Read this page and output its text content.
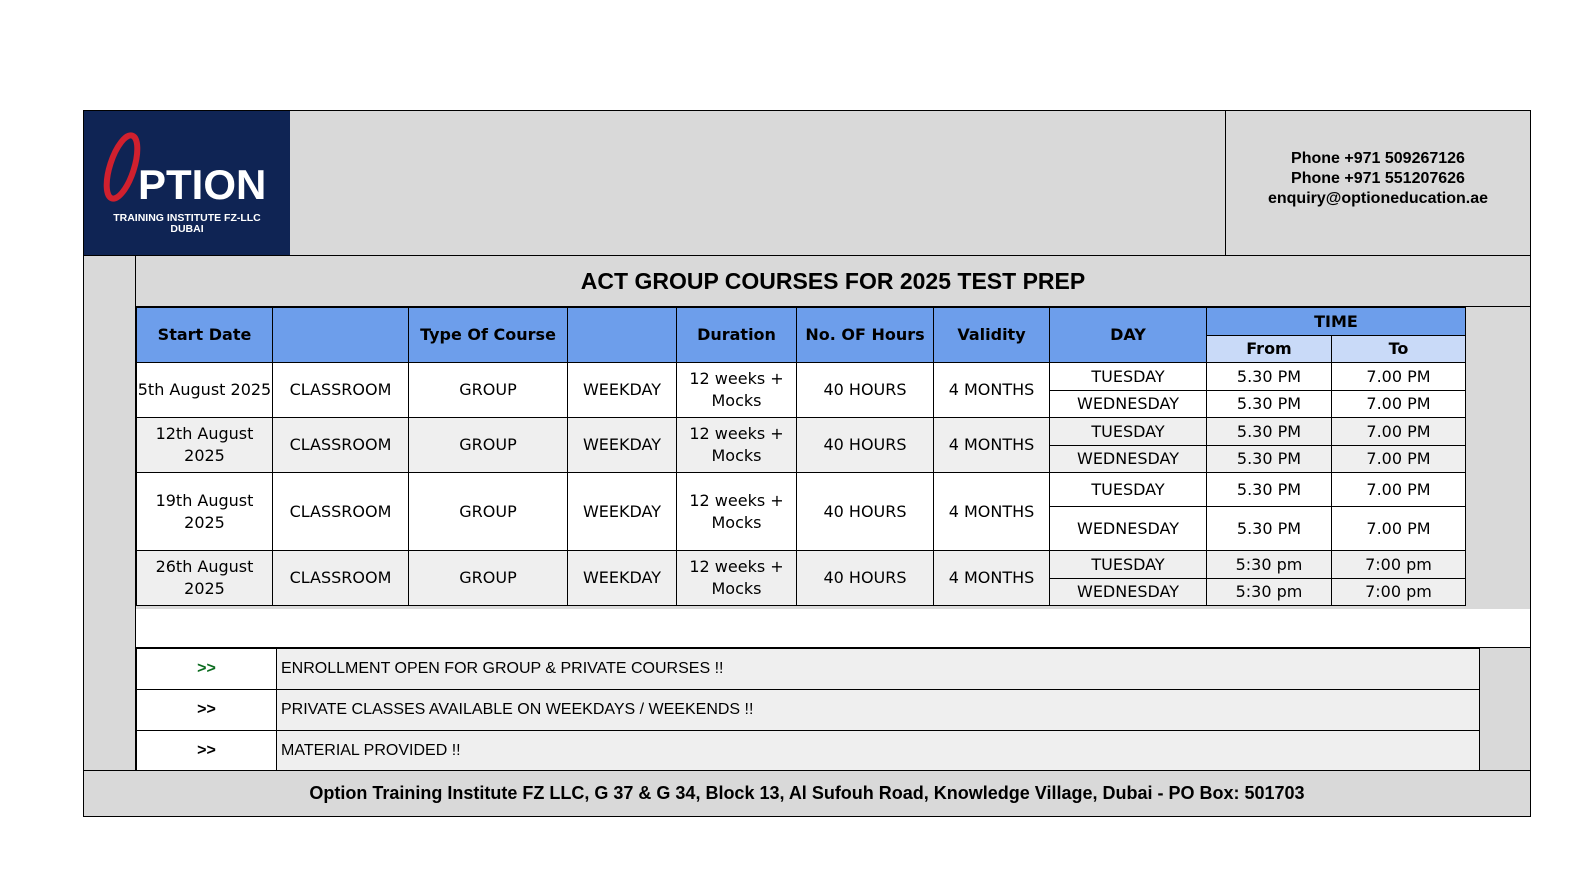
O PTION
TRAINING INSTITUTE FZ-LLC
DUBAI
Phone +971 509267126
Phone +971 551207626
enquiry@optioneducation.ae
ACT GROUP COURSES FOR 2025 TEST PREP
Start Date		Type Of Course		Duration	No. OF Hours	Validity	DAY	TIME	
								From	To
5th August 2025	CLASSROOM	GROUP	WEEKDAY	12 weeks + Mocks	40 HOURS	4 MONTHS	TUESDAY	5.30 PM	7.00 PM
							WEDNESDAY	5.30 PM	7.00 PM
12th August 2025	CLASSROOM	GROUP	WEEKDAY	12 weeks + Mocks	40 HOURS	4 MONTHS	TUESDAY	5.30 PM	7.00 PM
							WEDNESDAY	5.30 PM	7.00 PM
19th August 2025	CLASSROOM	GROUP	WEEKDAY	12 weeks + Mocks	40 HOURS	4 MONTHS	TUESDAY	5.30 PM	7.00 PM
							WEDNESDAY	5.30 PM	7.00 PM
26th August 2025	CLASSROOM	GROUP	WEEKDAY	12 weeks + Mocks	40 HOURS	4 MONTHS	TUESDAY	5:30 pm	7:00 pm
							WEDNESDAY	5:30 pm	7:00 pm
>>	ENROLLMENT OPEN FOR GROUP & PRIVATE COURSES !!
>>	PRIVATE CLASSES AVAILABLE ON WEEKDAYS / WEEKENDS !!
>>	MATERIAL PROVIDED !!
Option Training Institute FZ LLC, G 37 & G 34, Block 13, Al Sufouh Road, Knowledge Village, Dubai - PO Box: 501703
